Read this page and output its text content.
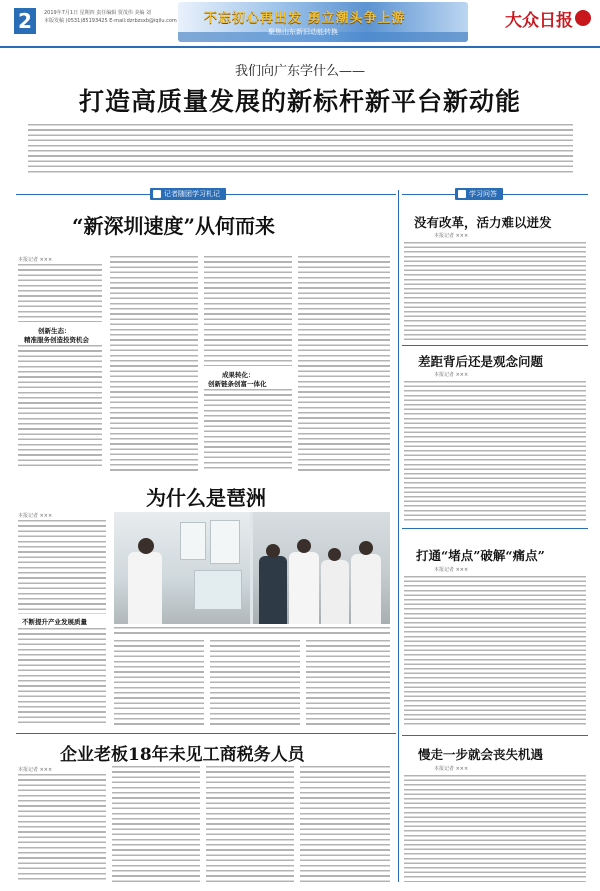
2	2019年7月1日 星期四 责任编辑 贾茂伟 美编 刘
本版发稿 (0531)85193425 E-mail:dzrbzsxb@iqilu.com 不忘初心再出发 勇立潮头争上游
聚焦山东新旧动能转换
大众日报
我们向广东学什么——
打造高质量发展的新标杆新平台新动能
记者随团学习札记	学习问答
“新深圳速度”从何而来
本报记者 ×××
创新生态：
精准服务创造投资机会
成果转化：
创新链条创富一体化
为什么是琶洲
本报记者 ×××
不断提升产业发展质量
企业老板18年未见工商税务人员
本报记者 ×××
没有改革，活力难以迸发
本报记者 ×××
差距背后还是观念问题
本报记者 ×××
打通“堵点”破解“痛点”
本报记者 ×××
慢走一步就会丧失机遇
本报记者 ×××
